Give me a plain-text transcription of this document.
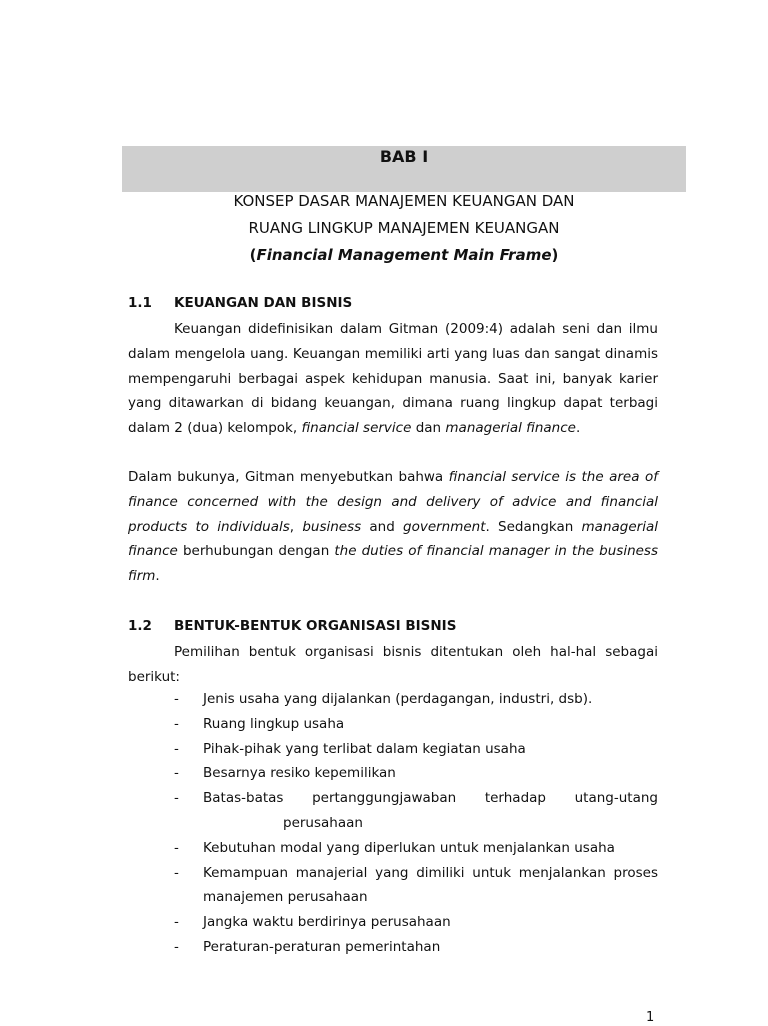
BAB I
KONSEP DASAR MANAJEMEN KEUANGAN DAN
RUANG LINGKUP MANAJEMEN KEUANGAN
(Financial Management Main Frame)
1.1 KEUANGAN DAN BISNIS
Keuangan didefinisikan dalam Gitman (2009:4) adalah seni dan ilmu dalam mengelola uang. Keuangan memiliki arti yang luas dan sangat dinamis mempengaruhi berbagai aspek kehidupan manusia. Saat ini, banyak karier yang ditawarkan di bidang keuangan, dimana ruang lingkup dapat terbagi dalam 2 (dua) kelompok, financial service dan managerial finance.
Dalam bukunya, Gitman menyebutkan bahwa financial service is the area of finance concerned with the design and delivery of advice and financial products to individuals, business and government. Sedangkan managerial finance berhubungan dengan the duties of financial manager in the business firm.
1.2 BENTUK-BENTUK ORGANISASI BISNIS
Pemilihan bentuk organisasi bisnis ditentukan oleh hal-hal sebagai berikut:
- Jenis usaha yang dijalankan (perdagangan, industri, dsb).
- Ruang lingkup usaha
- Pihak-pihak yang terlibat dalam kegiatan usaha
- Besarnya resiko kepemilikan
- Batas-batas pertanggungjawaban terhadap utang-utang
perusahaan
- Kebutuhan modal yang diperlukan untuk menjalankan usaha
- Kemampuan manajerial yang dimiliki untuk menjalankan proses manajemen perusahaan
- Jangka waktu berdirinya perusahaan
- Peraturan-peraturan pemerintahan
1
